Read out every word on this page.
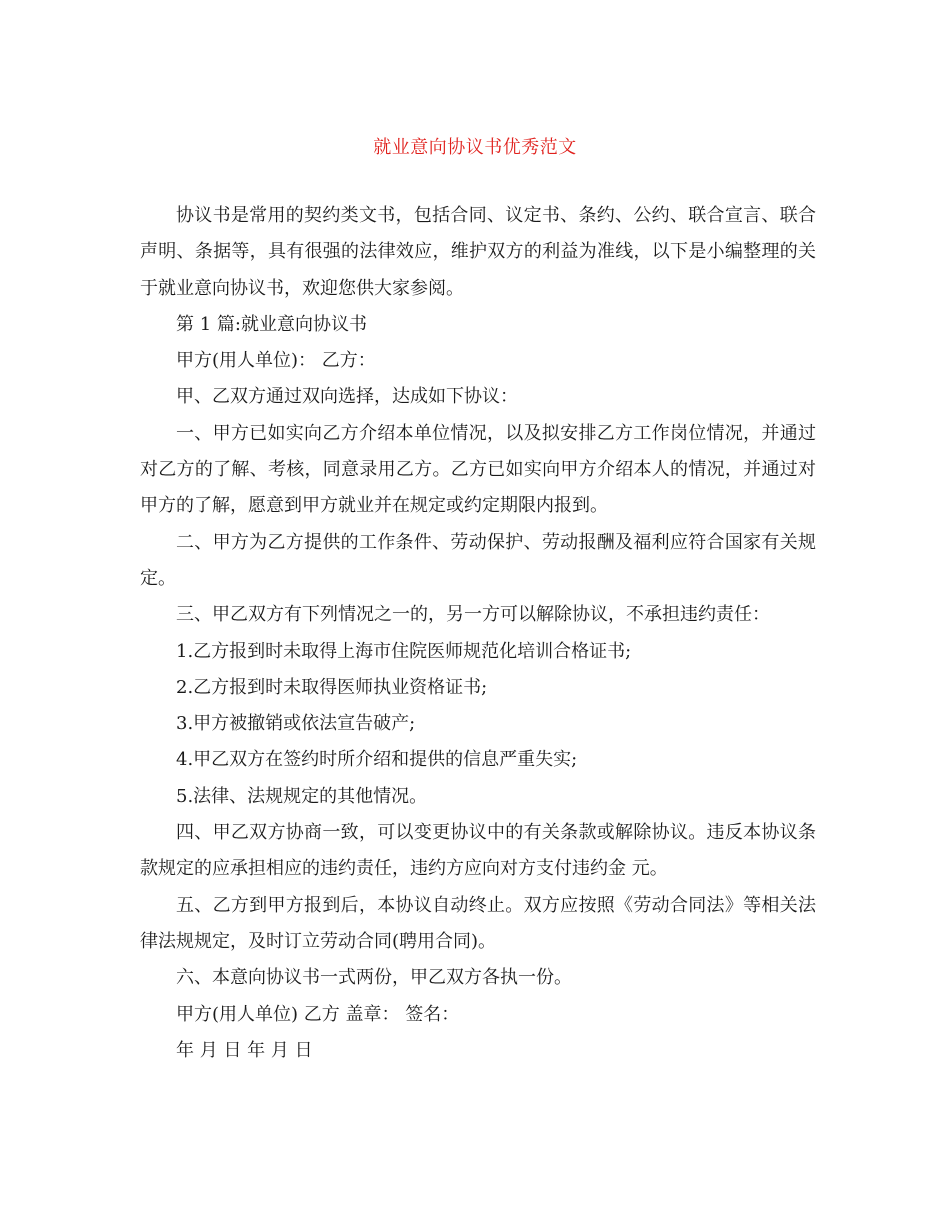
就业意向协议书优秀范文

协议书是常用的契约类文书，包括合同、议定书、条约、公约、联合宣言、联合声明、条据等，具有很强的法律效应，维护双方的利益为准线，以下是小编整理的关于就业意向协议书，欢迎您供大家参阅。

第 1 篇:就业意向协议书

甲方(用人单位)： 乙方：

甲、乙双方通过双向选择，达成如下协议：

一、甲方已如实向乙方介绍本单位情况，以及拟安排乙方工作岗位情况，并通过对乙方的了解、考核，同意录用乙方。乙方已如实向甲方介绍本人的情况，并通过对甲方的了解，愿意到甲方就业并在规定或约定期限内报到。

二、甲方为乙方提供的工作条件、劳动保护、劳动报酬及福利应符合国家有关规定。

三、甲乙双方有下列情况之一的，另一方可以解除协议，不承担违约责任：

1.乙方报到时未取得上海市住院医师规范化培训合格证书;

2.乙方报到时未取得医师执业资格证书;

3.甲方被撤销或依法宣告破产;

4.甲乙双方在签约时所介绍和提供的信息严重失实;

5.法律、法规规定的其他情况。

四、甲乙双方协商一致，可以变更协议中的有关条款或解除协议。违反本协议条款规定的应承担相应的违约责任，违约方应向对方支付违约金 元。

五、乙方到甲方报到后，本协议自动终止。双方应按照《劳动合同法》等相关法律法规规定，及时订立劳动合同(聘用合同)。

六、本意向协议书一式两份，甲乙双方各执一份。

甲方(用人单位) 乙方 盖章： 签名：

年 月 日 年 月 日
